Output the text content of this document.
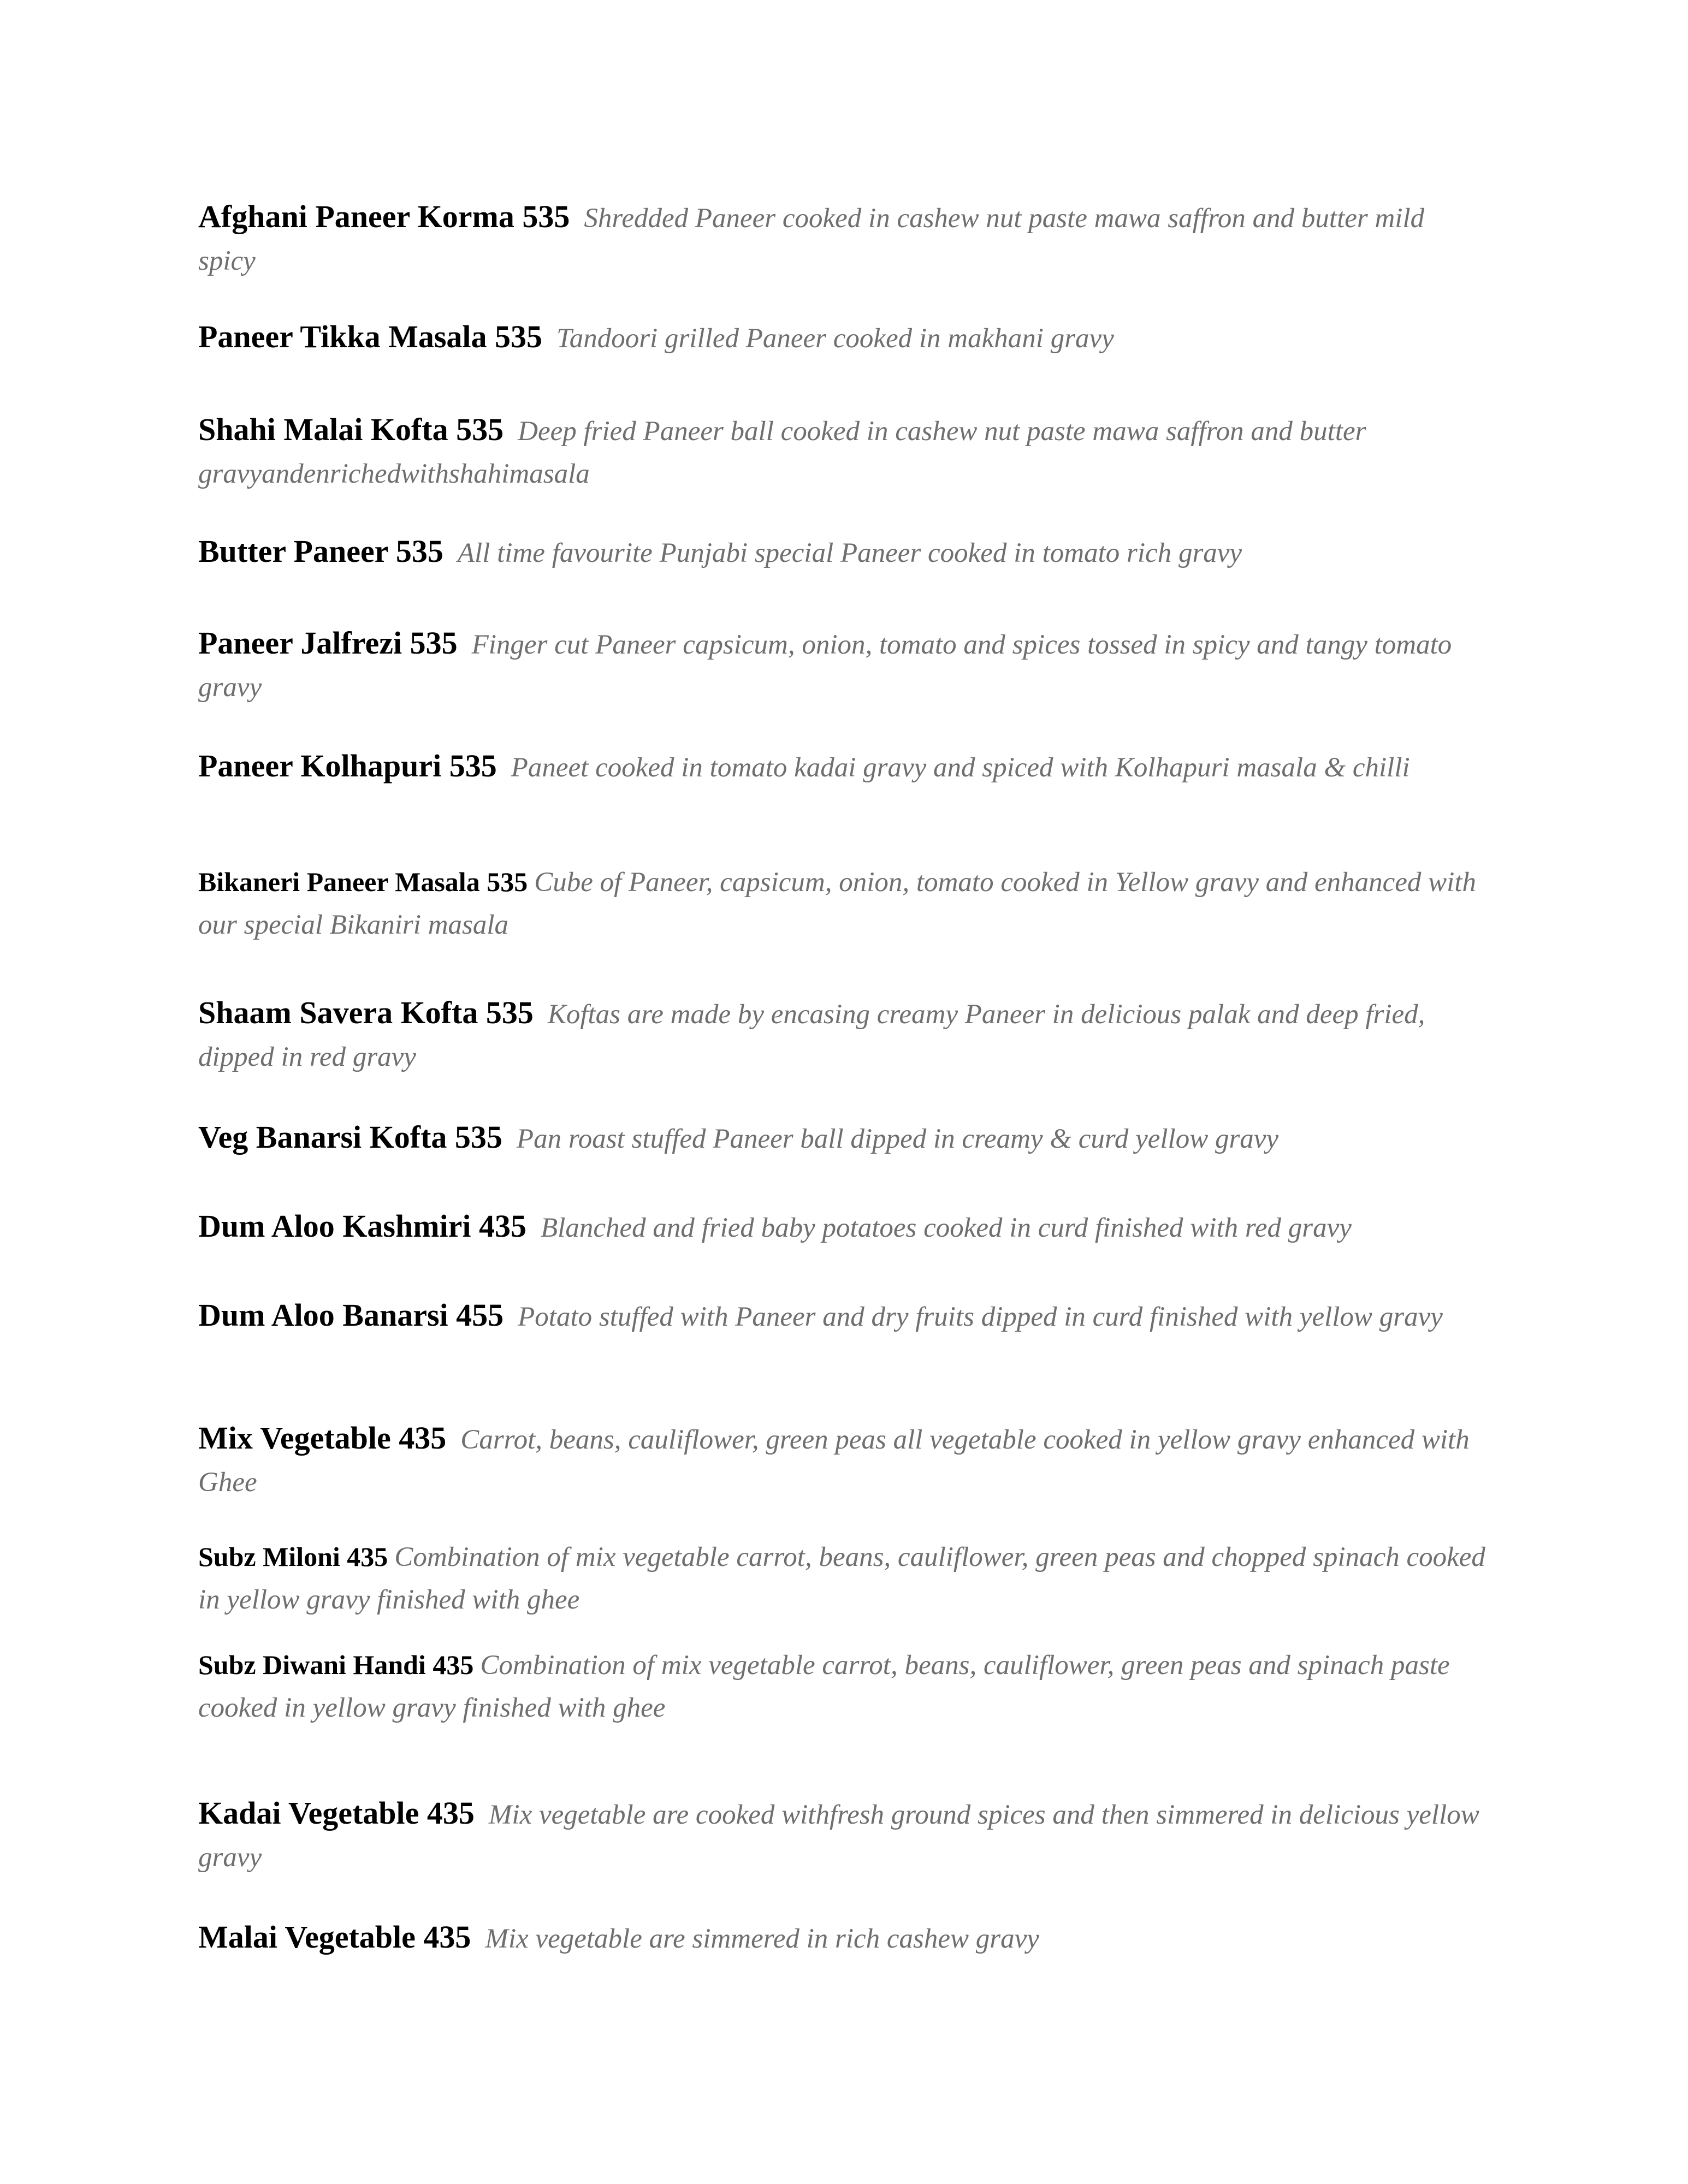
Afghani Paneer Korma 535 Shredded Paneer cooked in cashew nut paste mawa saffron and butter mild spicy

Paneer Tikka Masala 535 Tandoori grilled Paneer cooked in makhani gravy

Shahi Malai Kofta 535 Deep fried Paneer ball cooked in cashew nut paste mawa saffron and butter gravyandenrichedwithshahimasala

Butter Paneer 535 All time favourite Punjabi special Paneer cooked in tomato rich gravy

Paneer Jalfrezi 535 Finger cut Paneer capsicum, onion, tomato and spices tossed in spicy and tangy tomato gravy

Paneer Kolhapuri 535 Paneet cooked in tomato kadai gravy and spiced with Kolhapuri masala & chilli

Bikaneri Paneer Masala 535 Cube of Paneer, capsicum, onion, tomato cooked in Yellow gravy and enhanced with our special Bikaniri masala

Shaam Savera Kofta 535 Koftas are made by encasing creamy Paneer in delicious palak and deep fried, dipped in red gravy

Veg Banarsi Kofta 535 Pan roast stuffed Paneer ball dipped in creamy & curd yellow gravy

Dum Aloo Kashmiri 435 Blanched and fried baby potatoes cooked in curd finished with red gravy

Dum Aloo Banarsi 455 Potato stuffed with Paneer and dry fruits dipped in curd finished with yellow gravy

Mix Vegetable 435 Carrot, beans, cauliflower, green peas all vegetable cooked in yellow gravy enhanced with Ghee

Subz Miloni 435 Combination of mix vegetable carrot, beans, cauliflower, green peas and chopped spinach cooked in yellow gravy finished with ghee

Subz Diwani Handi 435 Combination of mix vegetable carrot, beans, cauliflower, green peas and spinach paste cooked in yellow gravy finished with ghee

Kadai Vegetable 435 Mix vegetable are cooked withfresh ground spices and then simmered in delicious yellow gravy

Malai Vegetable 435 Mix vegetable are simmered in rich cashew gravy
